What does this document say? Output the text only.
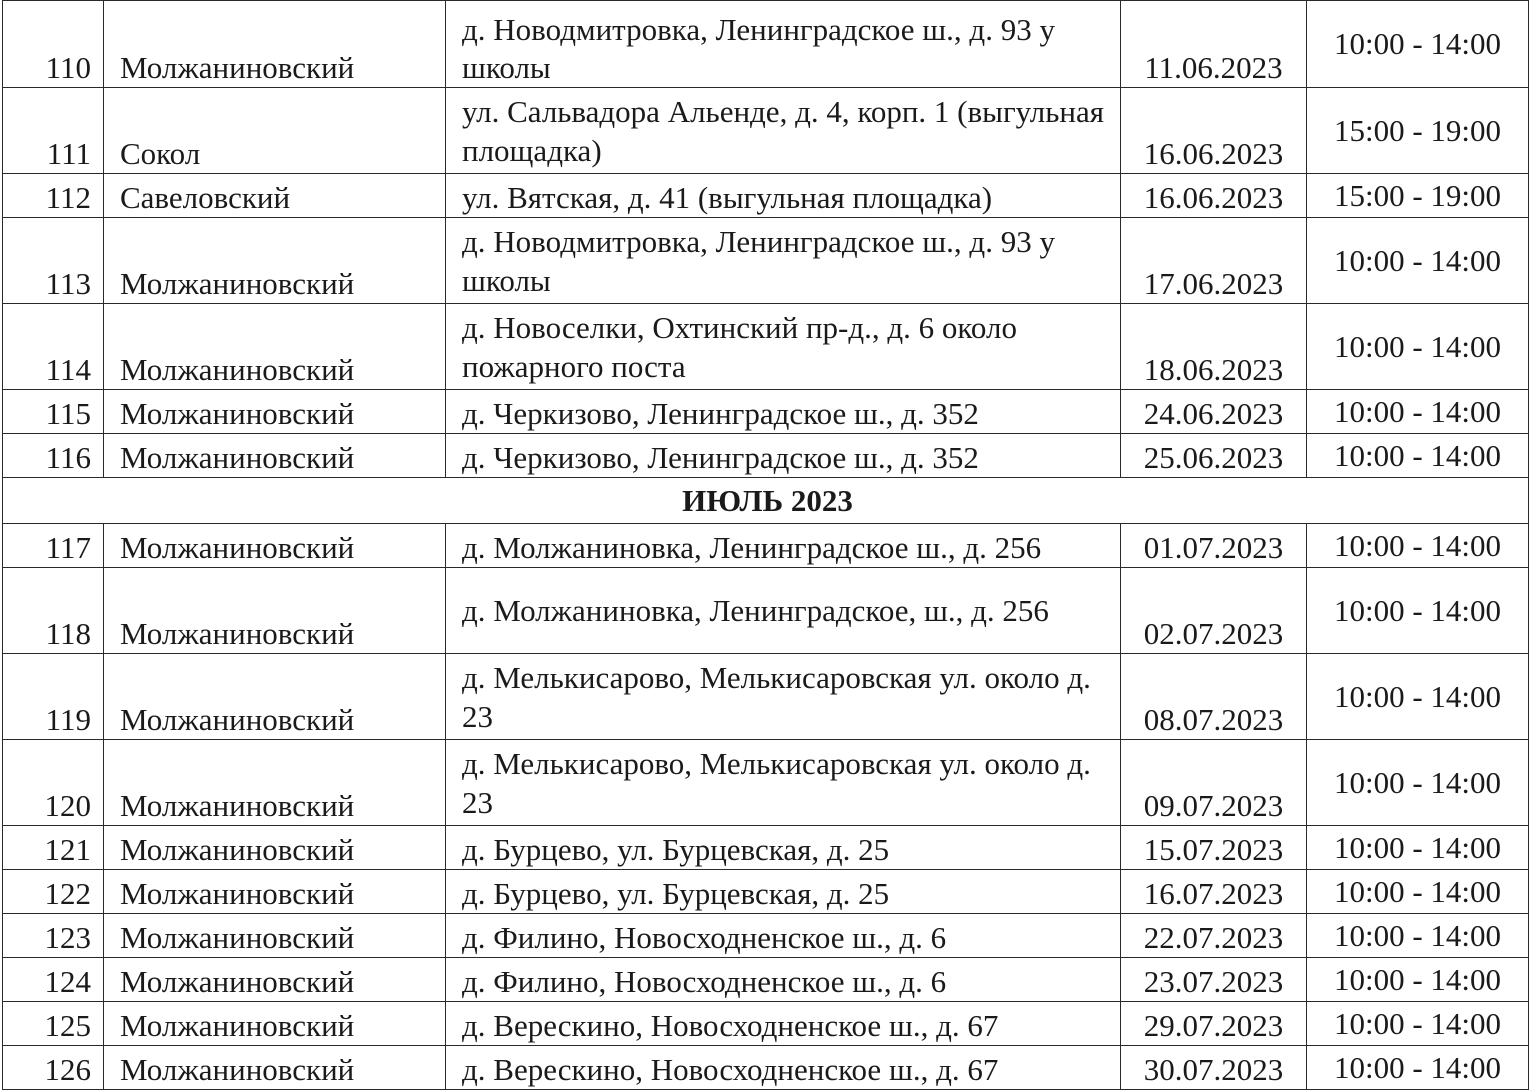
110	Молжаниновский	д. Новодмитровка, Ленинградское ш., д. 93 у школы	11.06.2023	10:00 - 14:00
111	Сокол	ул. Сальвадора Альенде, д. 4, корп. 1 (выгульная площадка)	16.06.2023	15:00 - 19:00
112	Савеловский	ул. Вятская, д. 41 (выгульная площадка)	16.06.2023	15:00 - 19:00
113	Молжаниновский	д. Новодмитровка, Ленинградское ш., д. 93 у школы	17.06.2023	10:00 - 14:00
114	Молжаниновский	д. Новоселки, Охтинский пр-д., д. 6 около пожарного поста	18.06.2023	10:00 - 14:00
115	Молжаниновский	д. Черкизово, Ленинградское ш., д. 352	24.06.2023	10:00 - 14:00
116	Молжаниновский	д. Черкизово, Ленинградское ш., д. 352	25.06.2023	10:00 - 14:00
ИЮЛЬ 2023				
117	Молжаниновский	д. Молжаниновка, Ленинградское ш., д. 256	01.07.2023	10:00 - 14:00
118	Молжаниновский	д. Молжаниновка, Ленинградское, ш., д. 256	02.07.2023	10:00 - 14:00
119	Молжаниновский	д. Мелькисарово, Мелькисаровская ул. около д. 23	08.07.2023	10:00 - 14:00
120	Молжаниновский	д. Мелькисарово, Мелькисаровская ул. около д. 23	09.07.2023	10:00 - 14:00
121	Молжаниновский	д. Бурцево, ул. Бурцевская, д. 25	15.07.2023	10:00 - 14:00
122	Молжаниновский	д. Бурцево, ул. Бурцевская, д. 25	16.07.2023	10:00 - 14:00
123	Молжаниновский	д. Филино, Новосходненское ш., д. 6	22.07.2023	10:00 - 14:00
124	Молжаниновский	д. Филино, Новосходненское ш., д. 6	23.07.2023	10:00 - 14:00
125	Молжаниновский	д. Верескино, Новосходненское ш., д. 67	29.07.2023	10:00 - 14:00
126	Молжаниновский	д. Верескино, Новосходненское ш., д. 67	30.07.2023	10:00 - 14:00
